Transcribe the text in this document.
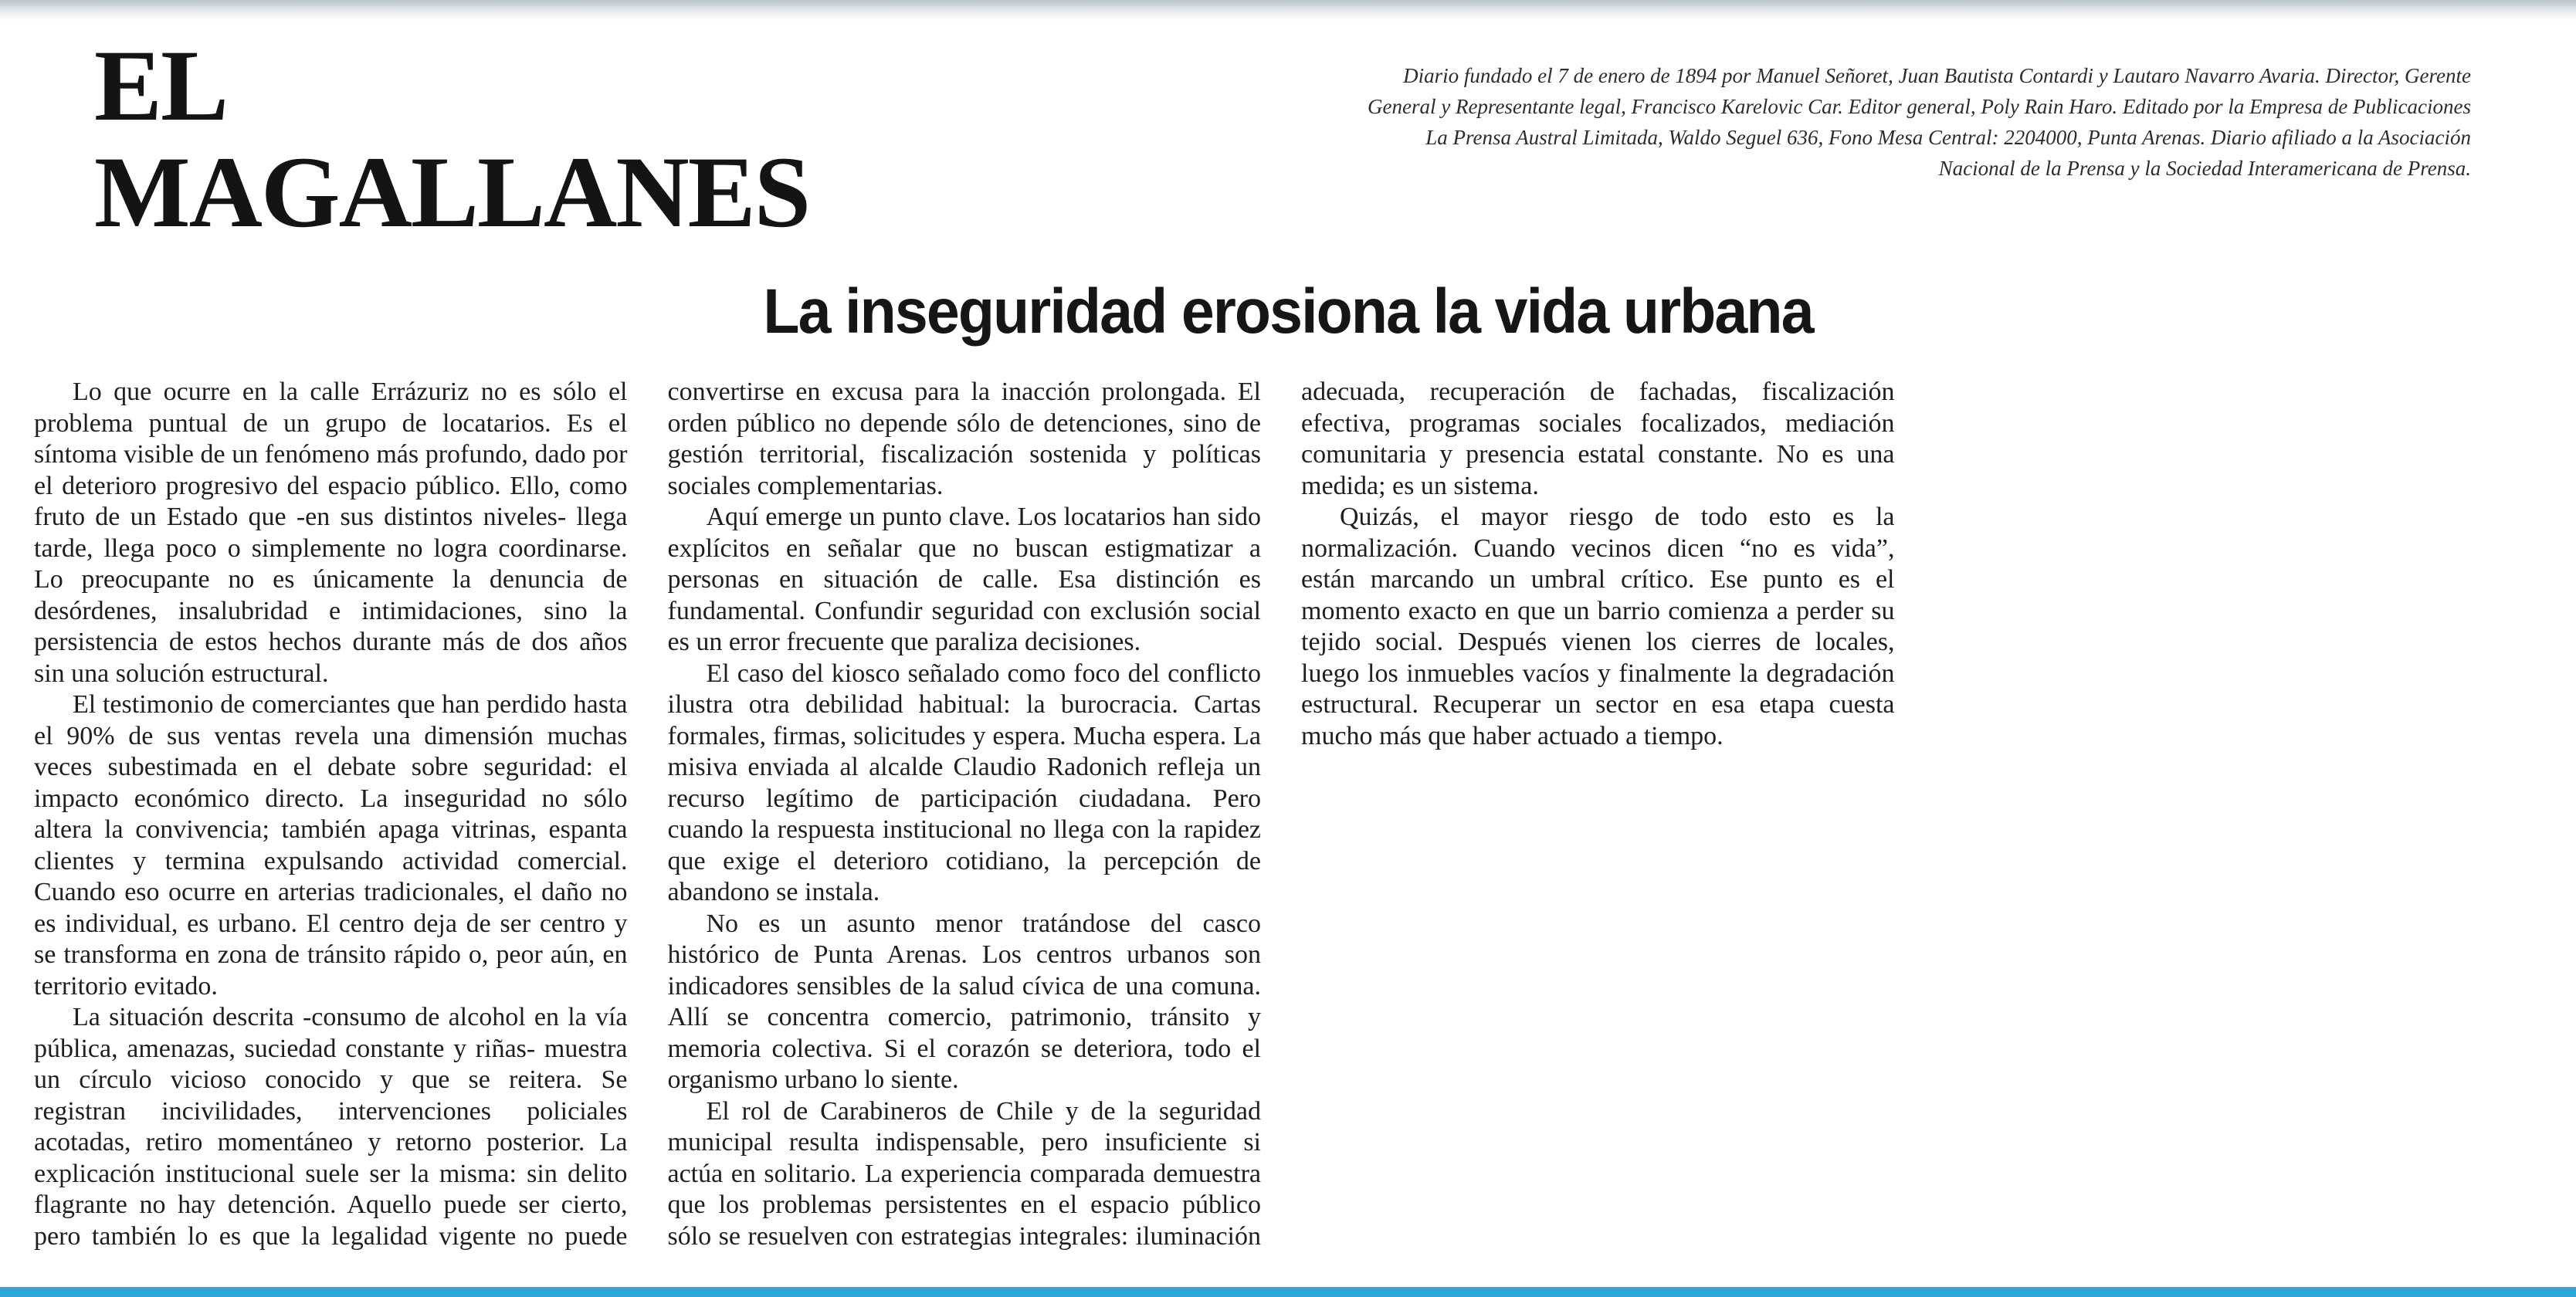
EL
MAGALLANES
Diario fundado el 7 de enero de 1894 por Manuel Señoret, Juan Bautista Contardi y Lautaro Navarro Avaria. Director, Gerente General y Representante legal, Francisco Karelovic Car. Editor general, Poly Rain Haro. Editado por la Empresa de Publicaciones La Prensa Austral Limitada, Waldo Seguel 636, Fono Mesa Central: 2204000, Punta Arenas. Diario afiliado a la Asociación Nacional de la Prensa y la Sociedad Interamericana de Prensa.
La inseguridad erosiona la vida urbana

Lo que ocurre en la calle Errázuriz no es sólo el problema puntual de un grupo de locatarios. Es el síntoma visible de un fenómeno más profundo, dado por el deterioro progresivo del espacio público. Ello, como fruto de un Estado que -en sus distintos niveles- llega tarde, llega poco o simplemente no logra coordinarse. Lo preocupante no es únicamente la denuncia de desórdenes, insalubridad e intimidaciones, sino la persistencia de estos hechos durante más de dos años sin una solución estructural.

El testimonio de comerciantes que han perdido hasta el 90% de sus ventas revela una dimensión muchas veces subestimada en el debate sobre seguridad: el impacto económico directo. La inseguridad no sólo altera la convivencia; también apaga vitrinas, espanta clientes y termina expulsando actividad comercial. Cuando eso ocurre en arterias tradicionales, el daño no es individual, es urbano. El centro deja de ser centro y se transforma en zona de tránsito rápido o, peor aún, en territorio evitado.

La situación descrita -consumo de alcohol en la vía pública, amenazas, suciedad constante y riñas- muestra un círculo vicioso conocido y que se reitera. Se registran incivilidades, intervenciones policiales acotadas, retiro momentáneo y retorno posterior. La explicación institucional suele ser la misma: sin delito flagrante no hay detención. Aquello puede ser cierto, pero también lo es que la legalidad vigente no puede convertirse en excusa para la inacción prolongada. El orden público no depende sólo de detenciones, sino de gestión territorial, fiscalización sostenida y políticas sociales complementarias.

Aquí emerge un punto clave. Los locatarios han sido explícitos en señalar que no buscan estigmatizar a personas en situación de calle. Esa distinción es fundamental. Confundir seguridad con exclusión social es un error frecuente que paraliza decisiones.

El caso del kiosco señalado como foco del conflicto ilustra otra debilidad habitual: la burocracia. Cartas formales, firmas, solicitudes y espera. Mucha espera. La misiva enviada al alcalde Claudio Radonich refleja un recurso legítimo de participación ciudadana. Pero cuando la respuesta institucional no llega con la rapidez que exige el deterioro cotidiano, la percepción de abandono se instala.

No es un asunto menor tratándose del casco histórico de Punta Arenas. Los centros urbanos son indicadores sensibles de la salud cívica de una comuna. Allí se concentra comercio, patrimonio, tránsito y memoria colectiva. Si el corazón se deteriora, todo el organismo urbano lo siente.

El rol de Carabineros de Chile y de la seguridad municipal resulta indispensable, pero insuficiente si actúa en solitario. La experiencia comparada demuestra que los problemas persistentes en el espacio público sólo se resuelven con estrategias integrales: iluminación adecuada, recuperación de fachadas, fiscalización efectiva, programas sociales focalizados, mediación comunitaria y presencia estatal constante. No es una medida; es un sistema.

Quizás, el mayor riesgo de todo esto es la normalización. Cuando vecinos dicen “no es vida”, están marcando un umbral crítico. Ese punto es el momento exacto en que un barrio comienza a perder su tejido social. Después vienen los cierres de locales, luego los inmuebles vacíos y finalmente la degradación estructural. Recuperar un sector en esa etapa cuesta mucho más que haber actuado a tiempo.
